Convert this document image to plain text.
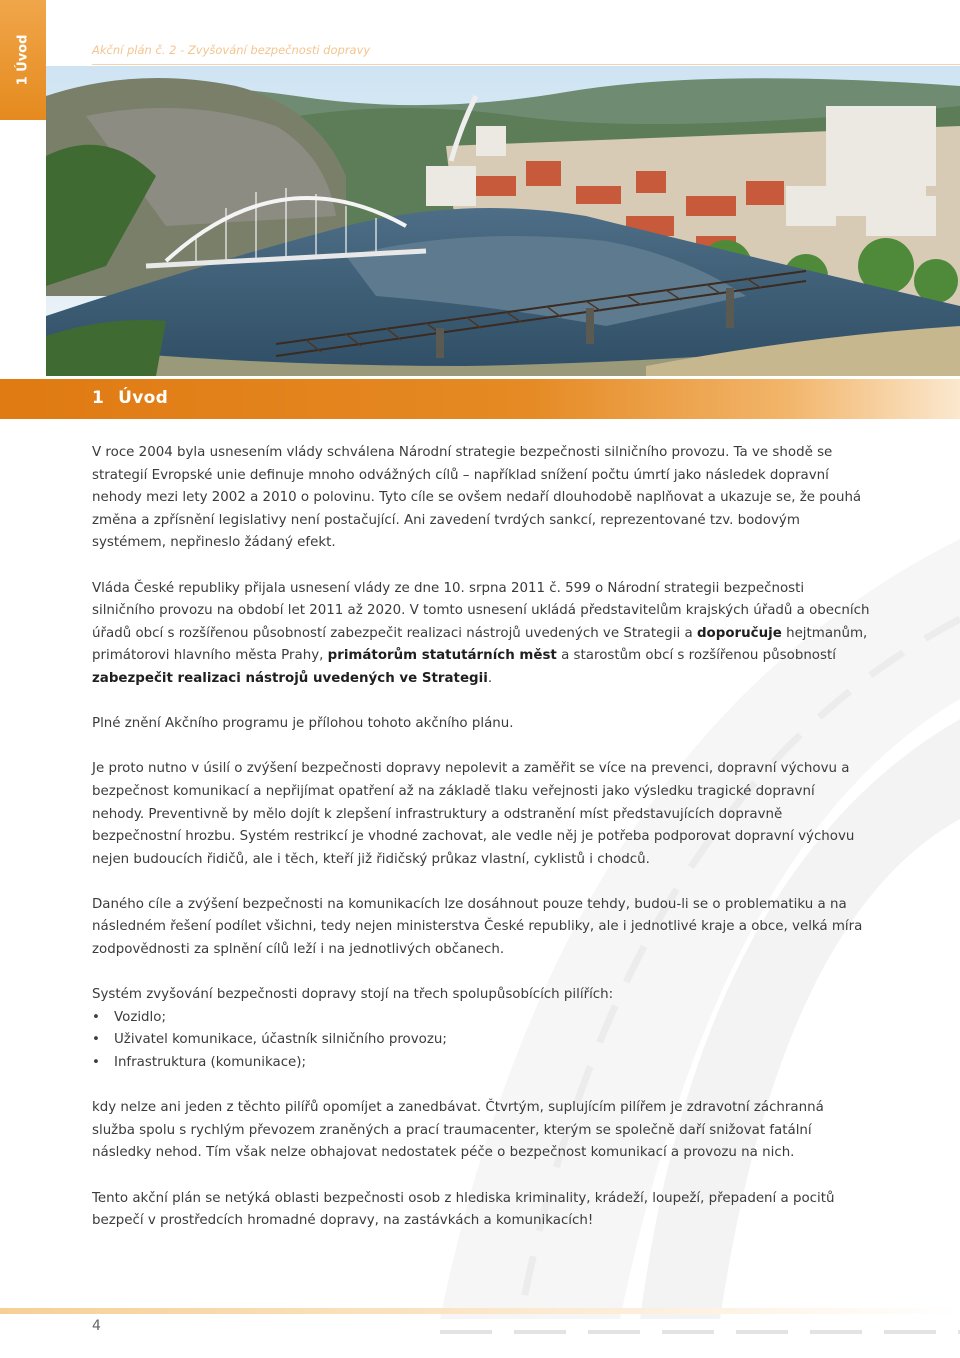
1 Úvod	Akční plán č. 2 - Zvyšování bezpečnosti dopravy
1 Úvod

V roce 2004 byla usnesením vlády schválena Národní strategie bezpečnosti silničního provozu. Ta ve shodě se strategií Evropské unie definuje mnoho odvážných cílů – například snížení počtu úmrtí jako následek dopravní nehody mezi lety 2002 a 2010 o polovinu. Tyto cíle se ovšem nedaří dlouhodobě naplňovat a ukazuje se, že pouhá změna a zpřísnění legislativy není postačující. Ani zavedení tvrdých sankcí, reprezentované tzv. bodovým systémem, nepřineslo žádaný efekt.

Vláda České republiky přijala usnesení vlády ze dne 10. srpna 2011 č. 599 o Národní strategii bezpečnosti silničního provozu na období let 2011 až 2020. V tomto usnesení ukládá představitelům krajských úřadů a obecních úřadů obcí s rozšířenou působností zabezpečit realizaci nástrojů uvedených ve Strategii a doporučuje hejtmanům, primátorovi hlavního města Prahy, primátorům statutárních měst a starostům obcí s rozšířenou působností zabezpečit realizaci nástrojů uvedených ve Strategii.

Plné znění Akčního programu je přílohou tohoto akčního plánu.

Je proto nutno v úsilí o zvýšení bezpečnosti dopravy nepolevit a zaměřit se více na prevenci, dopravní výchovu a bezpečnost komunikací a nepřijímat opatření až na základě tlaku veřejnosti jako výsledku tragické dopravní nehody. Preventivně by mělo dojít k zlepšení infrastruktury a odstranění míst představujících dopravně bezpečnostní hrozbu. Systém restrikcí je vhodné zachovat, ale vedle něj je potřeba podporovat dopravní výchovu nejen budoucích řidičů, ale i těch, kteří již řidičský průkaz vlastní, cyklistů i chodců.

Daného cíle a zvýšení bezpečnosti na komunikacích lze dosáhnout pouze tehdy, budou-li se o problematiku a na následném řešení podílet všichni, tedy nejen ministerstva České republiky, ale i jednotlivé kraje a obce, velká míra zodpovědnosti za splnění cílů leží i na jednotlivých občanech.

Systém zvyšování bezpečnosti dopravy stojí na třech spolupůsobících pilířích:

• Vozidlo;
• Uživatel komunikace, účastník silničního provozu;
• Infrastruktura (komunikace);

kdy nelze ani jeden z těchto pilířů opomíjet a zanedbávat. Čtvrtým, suplujícím pilířem je zdravotní záchranná služba spolu s rychlým převozem zraněných a prací traumacenter, kterým se společně daří snižovat fatální následky nehod. Tím však nelze obhajovat nedostatek péče o bezpečnost komunikací a provozu na nich.

Tento akční plán se netýká oblasti bezpečnosti osob z hlediska kriminality, krádeží, loupeží, přepadení a pocitů bezpečí v prostředcích hromadné dopravy, na zastávkách a komunikacích!

4
